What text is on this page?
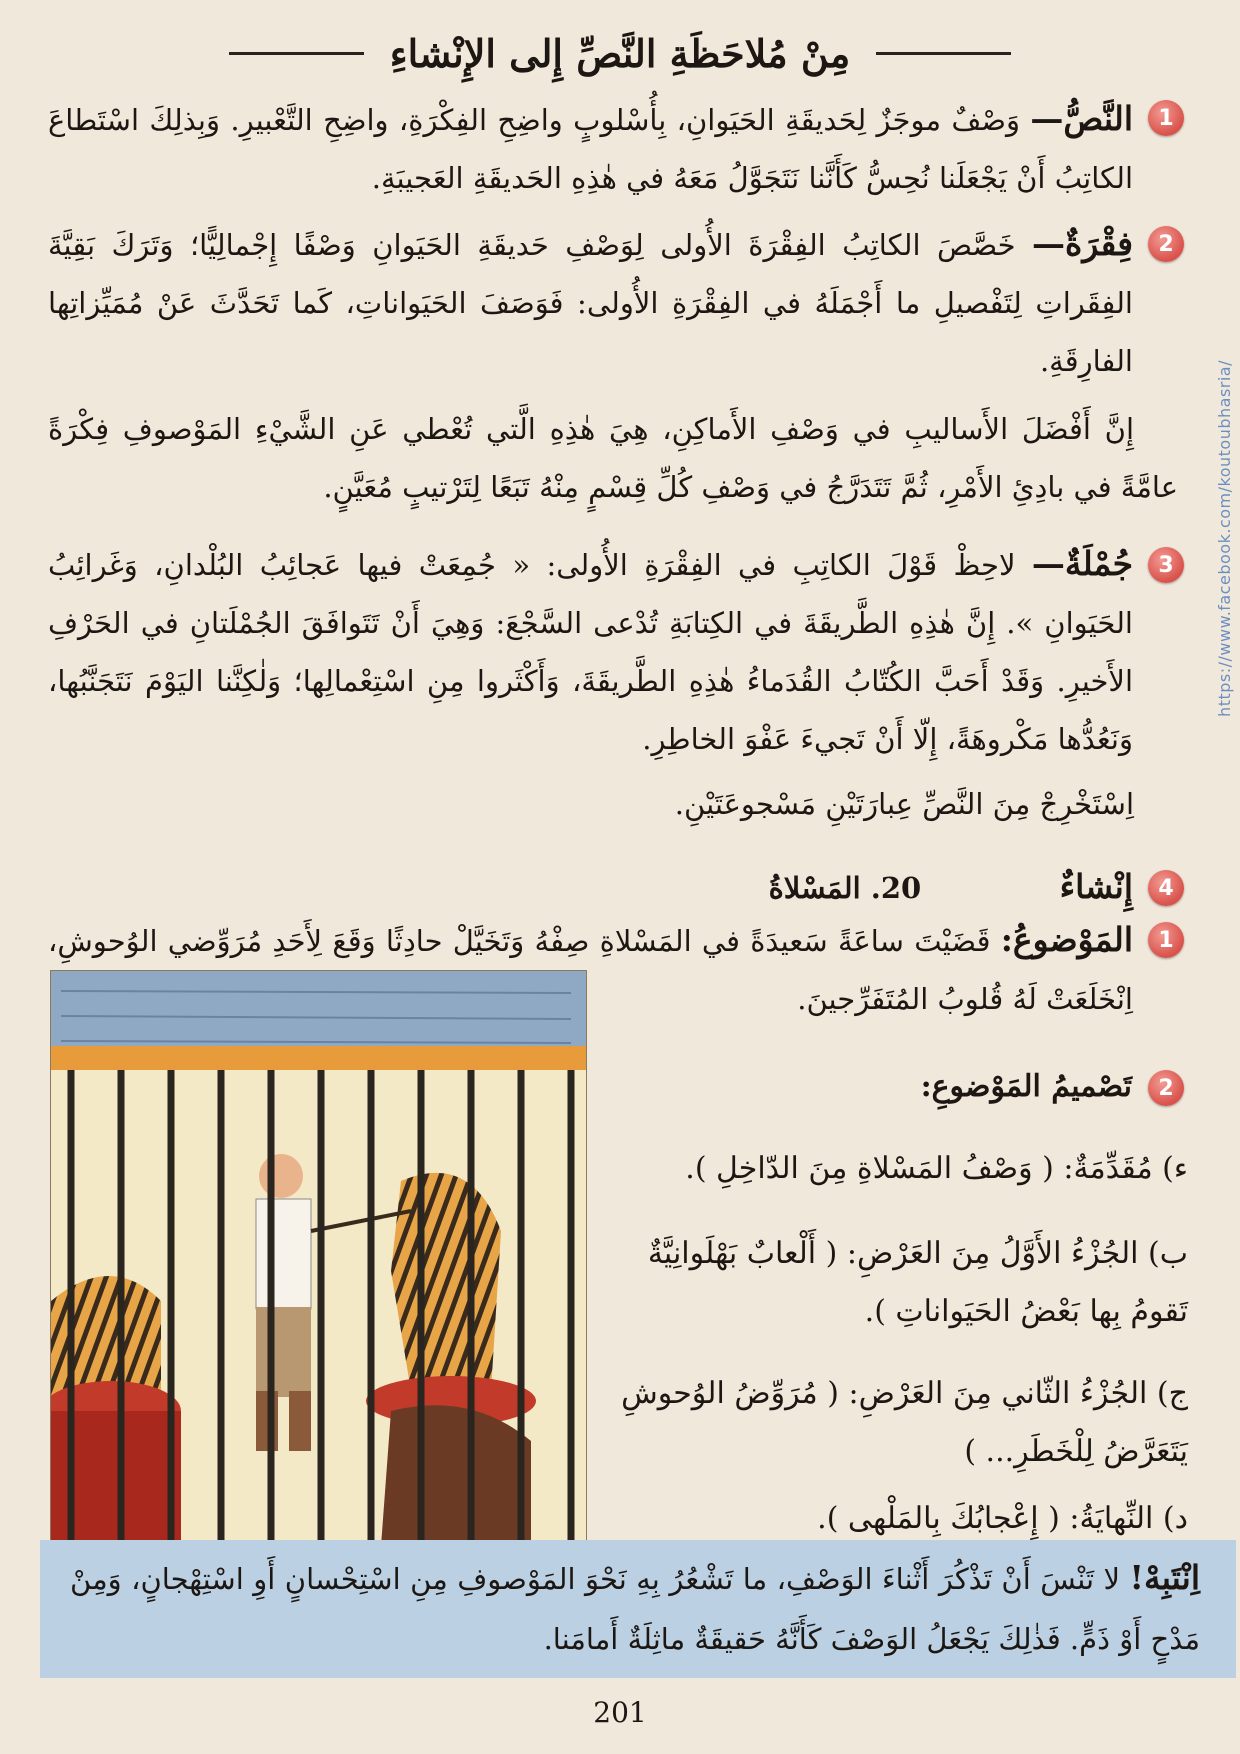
مِنْ مُلاحَظَةِ النَّصِّ إِلى الإِنْشاءِ
1
النَّصُّ— وَصْفٌ موجَزٌ لِحَديقَةِ الحَيَوانِ، بِأُسْلوبٍ واضِحِ الفِكْرَةِ، واضِحِ التَّعْبيرِ. وَبِذلِكَ اسْتَطاعَ الكاتِبُ أَنْ يَجْعَلَنا نُحِسُّ كَأَنَّنا نَتَجَوَّلُ مَعَهُ في هٰذِهِ الحَديقَةِ العَجيبَةِ.
2
فِقْرَةٌ— خَصَّصَ الكاتِبُ الفِقْرَةَ الأُولى لِوَصْفِ حَديقَةِ الحَيَوانِ وَصْفًا إِجْمالِيًّا؛ وَتَرَكَ بَقِيَّةَ الفِقَراتِ لِتَفْصيلِ ما أَجْمَلَهُ في الفِقْرَةِ الأُولى: فَوَصَفَ الحَيَواناتِ، كَما تَحَدَّثَ عَنْ مُمَيِّزاتِها الفارِقَةِ.
إِنَّ أَفْضَلَ الأَساليبِ في وَصْفِ الأَماكِنِ، هِيَ هٰذِهِ الَّتي تُعْطي عَنِ الشَّيْءِ المَوْصوفِ فِكْرَةً عامَّةً في بادِئِ الأَمْرِ، ثُمَّ تَتَدَرَّجُ في وَصْفِ كُلِّ قِسْمٍ مِنْهُ تَبَعًا لِتَرْتيبٍ مُعَيَّنٍ.
3
جُمْلَةٌ— لاحِظْ قَوْلَ الكاتِبِ في الفِقْرَةِ الأُولى: « جُمِعَتْ فيها عَجائِبُ البُلْدانِ، وَغَرائِبُ الحَيَوانِ ». إِنَّ هٰذِهِ الطَّريقَةَ في الكِتابَةِ تُدْعى السَّجْعَ: وَهِيَ أَنْ تَتَوافَقَ الجُمْلَتانِ في الحَرْفِ الأَخيرِ. وَقَدْ أَحَبَّ الكُتّابُ القُدَماءُ هٰذِهِ الطَّريقَةَ، وَأَكْثَروا مِنِ اسْتِعْمالِها؛ وَلٰكِنَّنا اليَوْمَ نَتَجَنَّبُها، وَنَعُدُّها مَكْروهَةً، إِلّا أَنْ تَجيءَ عَفْوَ الخاطِرِ.
اِسْتَخْرِجْ مِنَ النَّصِّ عِبارَتَيْنِ مَسْجوعَتَيْنِ.
4
إِنْشاءٌ  20. المَسْلاةُ
1
المَوْضوعُ: قَضَيْتَ ساعَةً سَعيدَةً في المَسْلاةِ صِفْهُ وَتَخَيَّلْ حادِثًا وَقَعَ لِأَحَدِ مُرَوِّضي الوُحوشِ، اِنْخَلَعَتْ لَهُ قُلوبُ المُتَفَرِّجينَ.
2
تَصْميمُ المَوْضوعِ:
ء) مُقَدِّمَةٌ: ( وَصْفُ المَسْلاةِ مِنَ الدّاخِلِ ).
ب) الجُزْءُ الأَوَّلُ مِنَ العَرْضِ: ( أَلْعابٌ بَهْلَوانِيَّةٌ تَقومُ بِها بَعْضُ الحَيَواناتِ ).
ج) الجُزْءُ الثّاني مِنَ العَرْضِ: ( مُرَوِّضُ الوُحوشِ يَتَعَرَّضُ لِلْخَطَرِ... )
د) النِّهايَةُ: ( إِعْجابُكَ بِالمَلْهى ).
اِنْتَبِهْ! لا تَنْسَ أَنْ تَذْكُرَ أَثْناءَ الوَصْفِ، ما تَشْعُرُ بِهِ نَحْوَ المَوْصوفِ مِنِ اسْتِحْسانٍ أَوِ اسْتِهْجانٍ، وَمِنْ مَدْحٍ أَوْ ذَمٍّ. فَذٰلِكَ يَجْعَلُ الوَصْفَ كَأَنَّهُ حَقيقَةٌ ماثِلَةٌ أَمامَنا.
201
https://www.facebook.com/koutoubhasria/
